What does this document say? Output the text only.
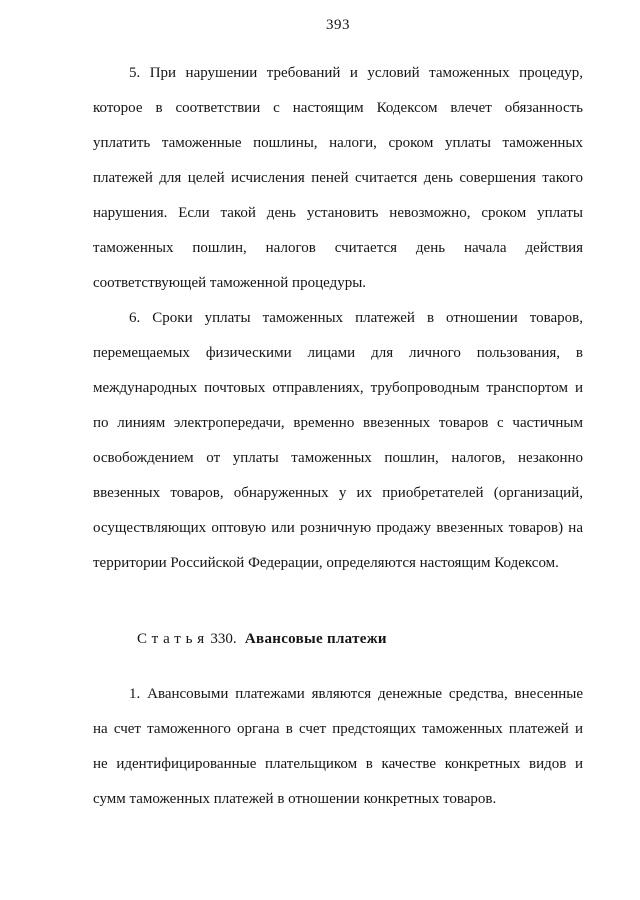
393

5. При нарушении требований и условий таможенных процедур,
которое в соответствии с настоящим Кодексом влечет обязанность
уплатить таможенные пошлины, налоги, сроком уплаты таможенных
платежей для целей исчисления пеней считается день совершения такого
нарушения. Если такой день установить невозможно, сроком уплаты
таможенных пошлин, налогов считается день начала действия
соответствующей таможенной процедуры.

6. Сроки уплаты таможенных платежей в отношении товаров,
перемещаемых физическими лицами для личного пользования, в
международных почтовых отправлениях, трубопроводным транспортом и
по линиям электропередачи, временно ввезенных товаров с частичным
освобождением от уплаты таможенных пошлин, налогов, незаконно
ввезенных товаров, обнаруженных у их приобретателей (организаций,
осуществляющих оптовую или розничную продажу ввезенных товаров) на
территории Российской Федерации, определяются настоящим Кодексом.

Статья 330. Авансовые платежи

1. Авансовыми платежами являются денежные средства, внесенные
на счет таможенного органа в счет предстоящих таможенных платежей и
не идентифицированные плательщиком в качестве конкретных видов и
сумм таможенных платежей в отношении конкретных товаров.
